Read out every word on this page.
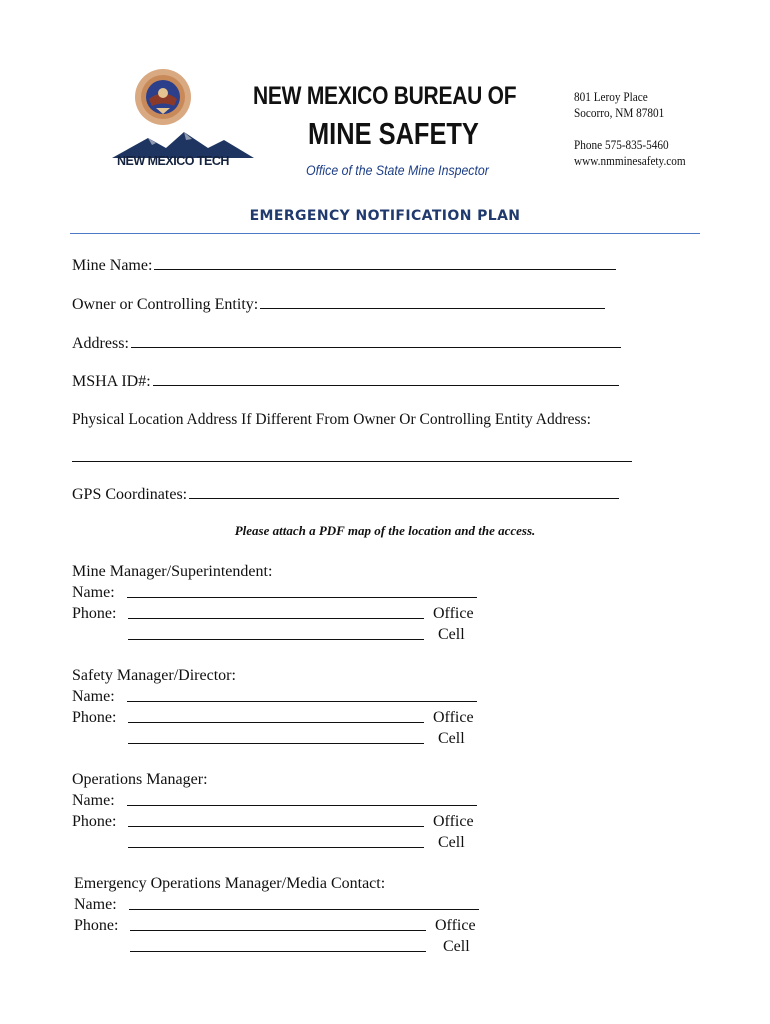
NEW MEXICO TECH
NEW MEXICO BUREAU OF
MINE SAFETY
Office of the State Mine Inspector
801 Leroy Place
Socorro, NM 87801
Phone 575-835-5460
www.nmminesafety.com
EMERGENCY NOTIFICATION PLAN
Mine Name:
Owner or Controlling Entity:
Address:
MSHA ID#:
Physical Location Address If Different From Owner Or Controlling Entity Address:
GPS Coordinates:
Please attach a PDF map of the location and the access.
Mine Manager/Superintendent:
Name:
Phone:	Office
Cell
Safety Manager/Director:
Name:
Phone:	Office
Cell
Operations Manager:
Name:
Phone:	Office
Cell
Emergency Operations Manager/Media Contact:
Name:
Phone:	Office
Cell
